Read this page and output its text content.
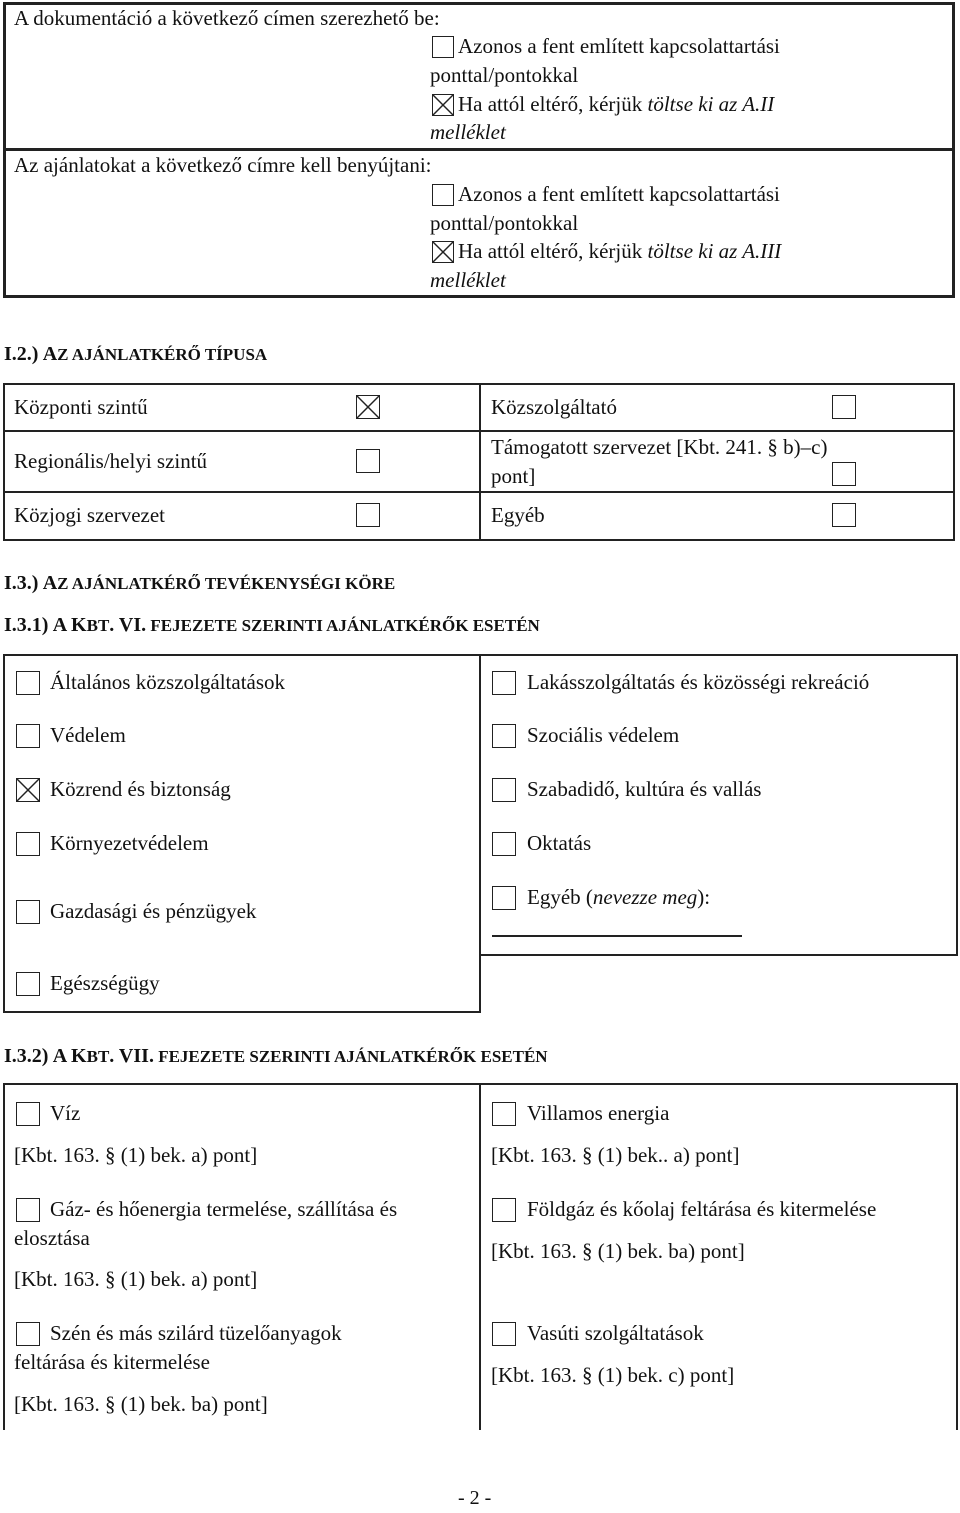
A dokumentáció a következő címen szerezhető be:
Azonos a fent említett kapcsolattartási
ponttal/pontokkal
Ha attól eltérő, kérjük töltse ki az A.II
melléklet
Az ajánlatokat a következő címre kell benyújtani:
Azonos a fent említett kapcsolattartási
ponttal/pontokkal
Ha attól eltérő, kérjük töltse ki az A.III
melléklet
I.2.) AZ AJÁNLATKÉRŐ TÍPUSA
Központi szintű	Közszolgáltató
Regionális/helyi szintű
Támogatott szervezet [Kbt. 241. § b)–c)
pont]
Közjogi szervezet	Egyéb
I.3.) AZ AJÁNLATKÉRŐ TEVÉKENYSÉGI KÖRE
I.3.1) A KBT. VI. FEJEZETE SZERINTI AJÁNLATKÉRŐK ESETÉN
Általános közszolgáltatások
Védelem
Közrend és biztonság
Környezetvédelem
Gazdasági és pénzügyek
Egészségügy
Lakásszolgáltatás és közösségi rekreáció
Szociális védelem
Szabadidő, kultúra és vallás
Oktatás
Egyéb (nevezze meg):
I.3.2) A KBT. VII. FEJEZETE SZERINTI AJÁNLATKÉRŐK ESETÉN
Víz
[Kbt. 163. § (1) bek. a) pont]
Gáz- és hőenergia termelése, szállítása és
elosztása
[Kbt. 163. § (1) bek. a) pont]
Szén és más szilárd tüzelőanyagok
feltárása és kitermelése
[Kbt. 163. § (1) bek. ba) pont]
Villamos energia
[Kbt. 163. § (1) bek.. a) pont]
Földgáz és kőolaj feltárása és kitermelése
[Kbt. 163. § (1) bek. ba) pont]
Vasúti szolgáltatások
[Kbt. 163. § (1) bek. c) pont]
- 2 -
